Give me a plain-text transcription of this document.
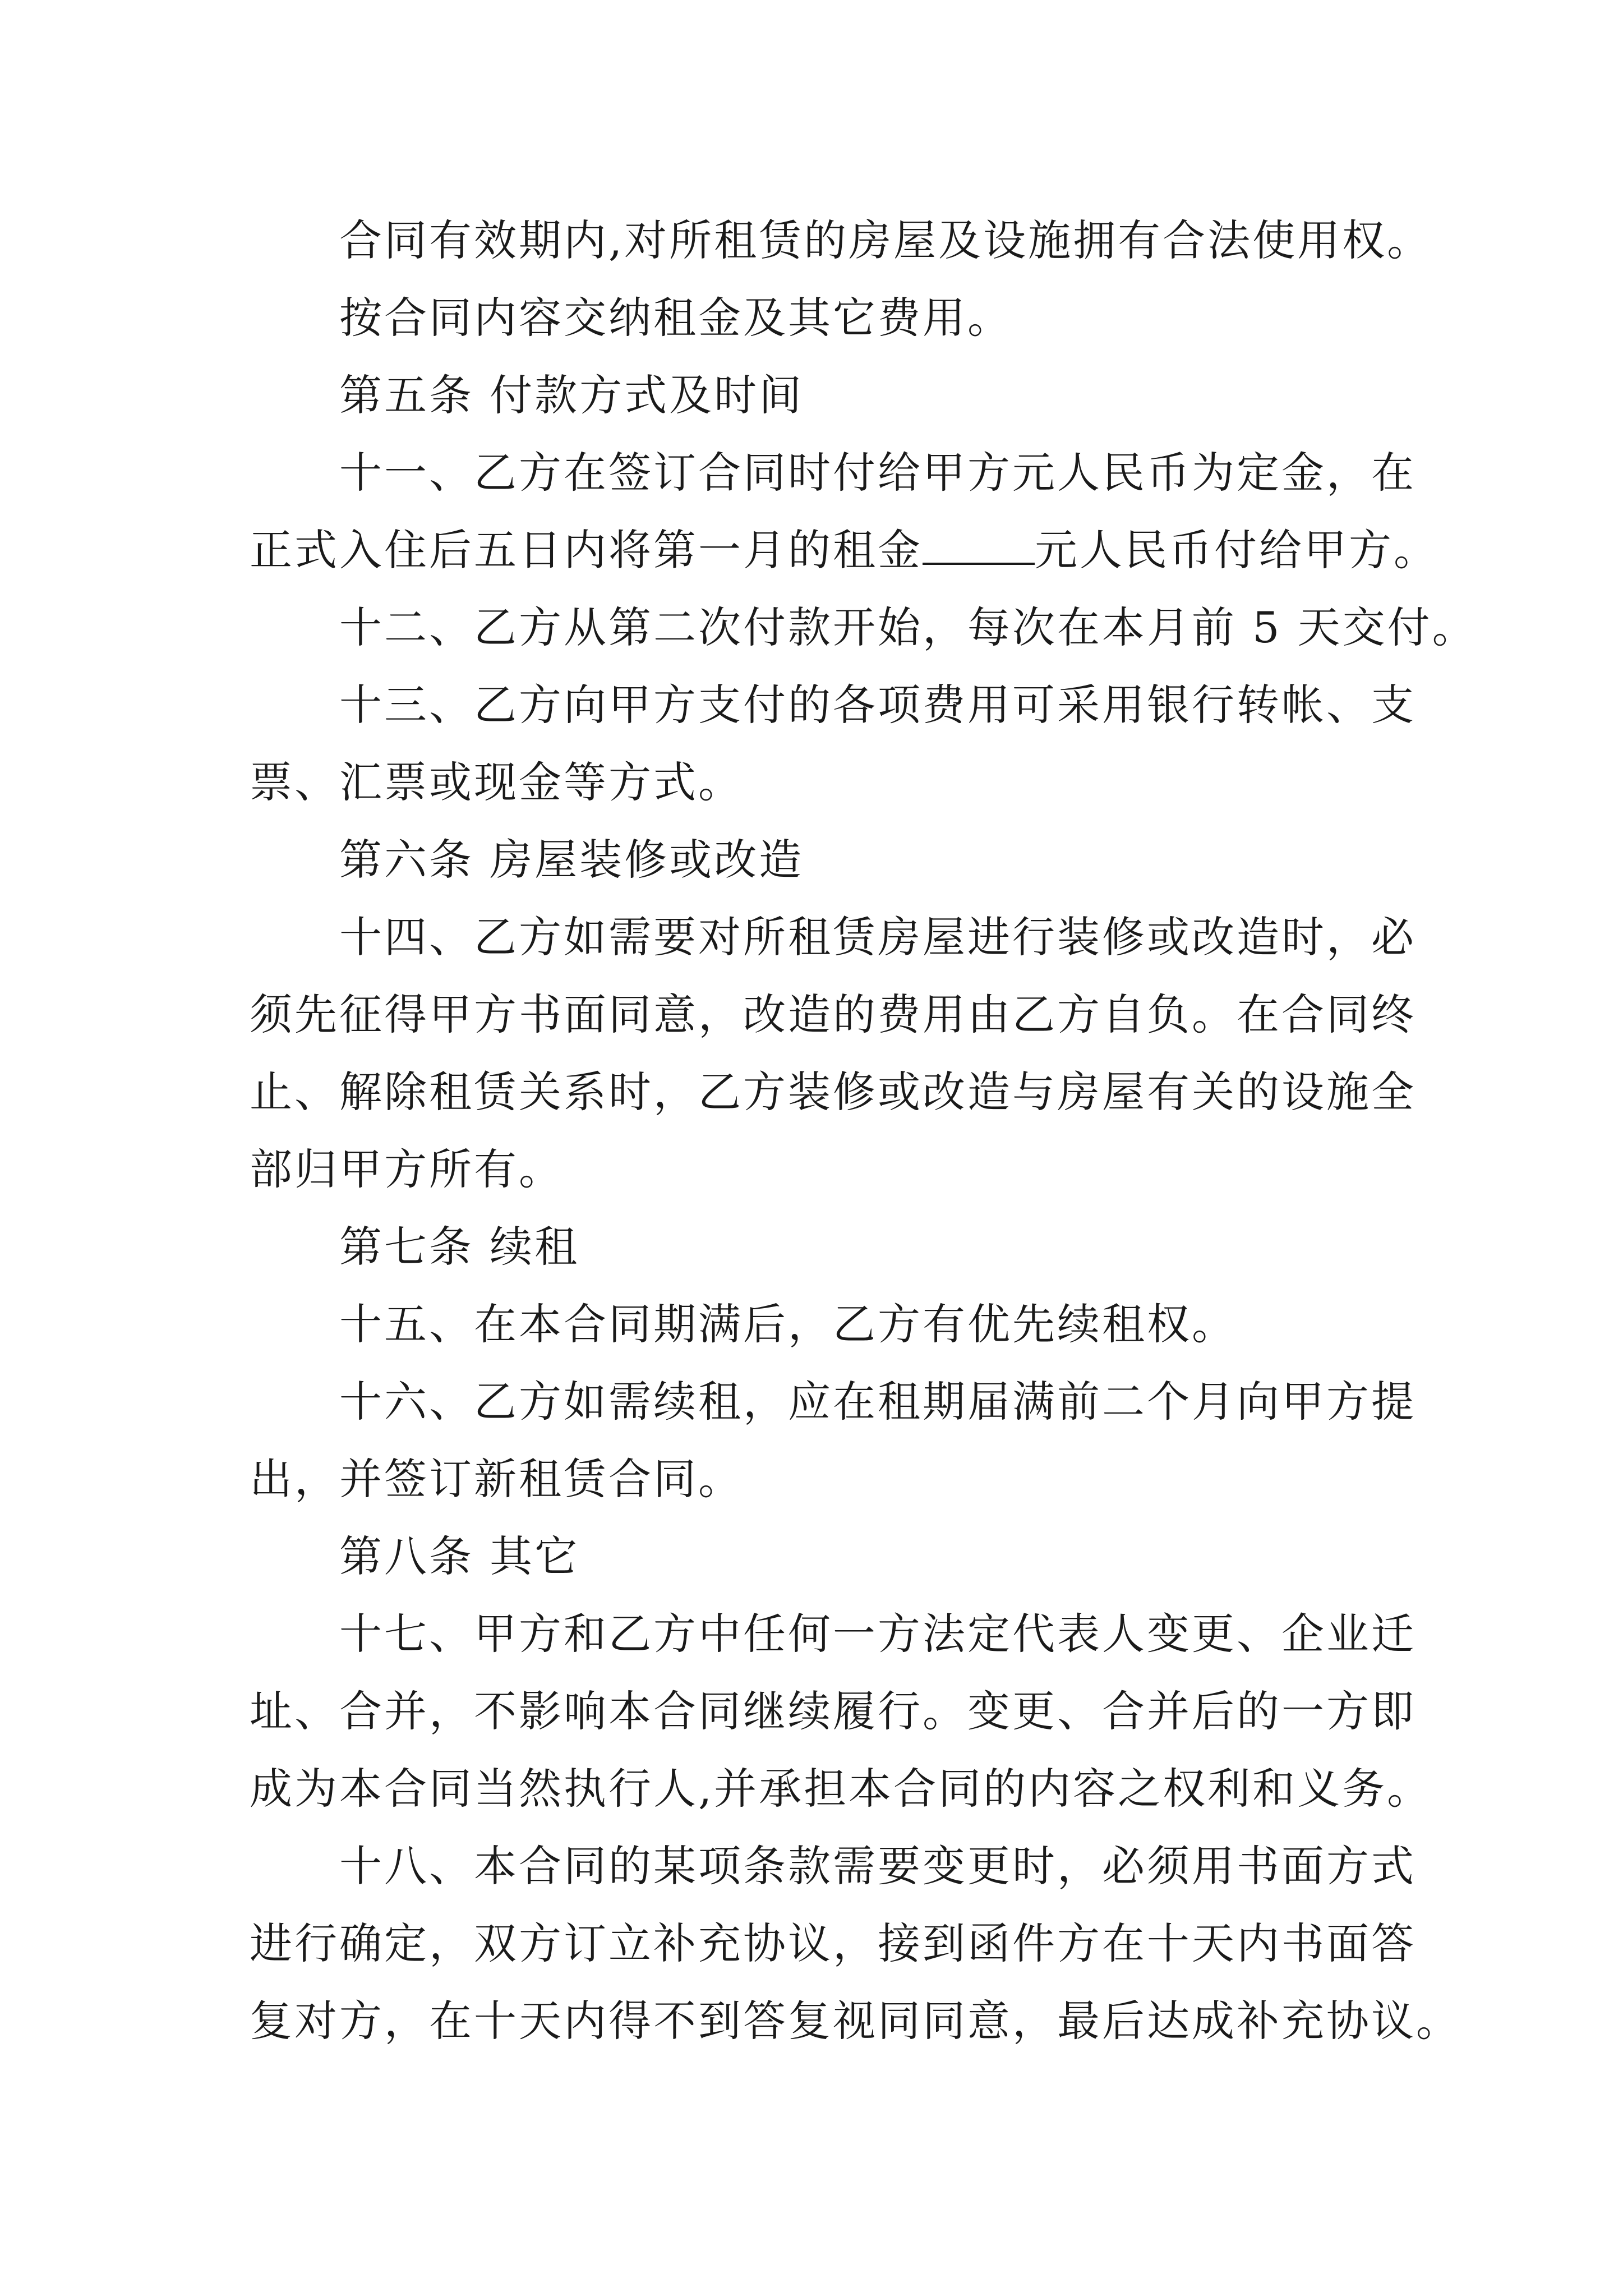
合同有效期内,对所租赁的房屋及设施拥有合法使用权。
按合同内容交纳租金及其它费用。
第五条 付款方式及时间
十一、乙方在签订合同时付给甲方元人民币为定金，在
正式入住后五日内将第一月的租金	元人民币付给甲方。
十二、乙方从第二次付款开始，每次在本月前 5 天交付。
十三、乙方向甲方支付的各项费用可采用银行转帐、支
票、汇票或现金等方式。
第六条 房屋装修或改造
十四、乙方如需要对所租赁房屋进行装修或改造时，必
须先征得甲方书面同意，改造的费用由乙方自负。在合同终
止、解除租赁关系时，乙方装修或改造与房屋有关的设施全
部归甲方所有。
第七条 续租
十五、在本合同期满后，乙方有优先续租权。
十六、乙方如需续租，应在租期届满前二个月向甲方提
出，并签订新租赁合同。
第八条 其它
十七、甲方和乙方中任何一方法定代表人变更、企业迁
址、合并，不影响本合同继续履行。变更、合并后的一方即
成为本合同当然执行人,并承担本合同的内容之权利和义务。
十八、本合同的某项条款需要变更时，必须用书面方式
进行确定，双方订立补充协议，接到函件方在十天内书面答
复对方，在十天内得不到答复视同同意，最后达成补充协议。
